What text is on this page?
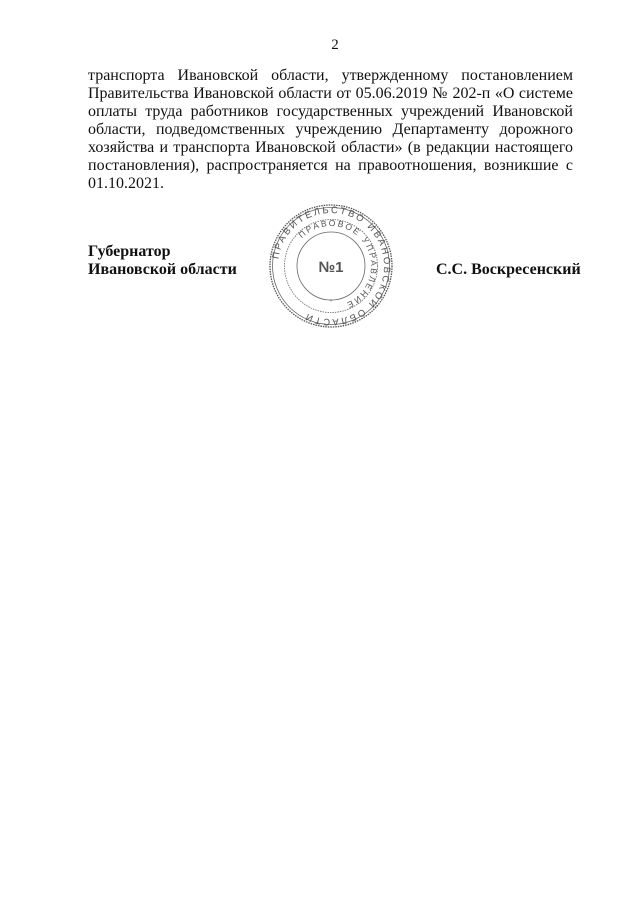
2
транспорта Ивановской области, утвержденному постановлением
Правительства Ивановской области от 05.06.2019 № 202-п «О системе
оплаты труда работников государственных учреждений Ивановской
области, подведомственных учреждению Департаменту дорожного
хозяйства и транспорта Ивановской области» (в редакции настоящего
постановления), распространяется на правоотношения, возникшие с
01.10.2021.
Губернатор
Ивановской области
ПРАВИТЕЛЬСТВО ИВАНОВСКОЙ ОБЛАСТИ
ПРАВОВОЕ УПРАВЛЕНИЕ
№1
+
С.С. Воскресенский
